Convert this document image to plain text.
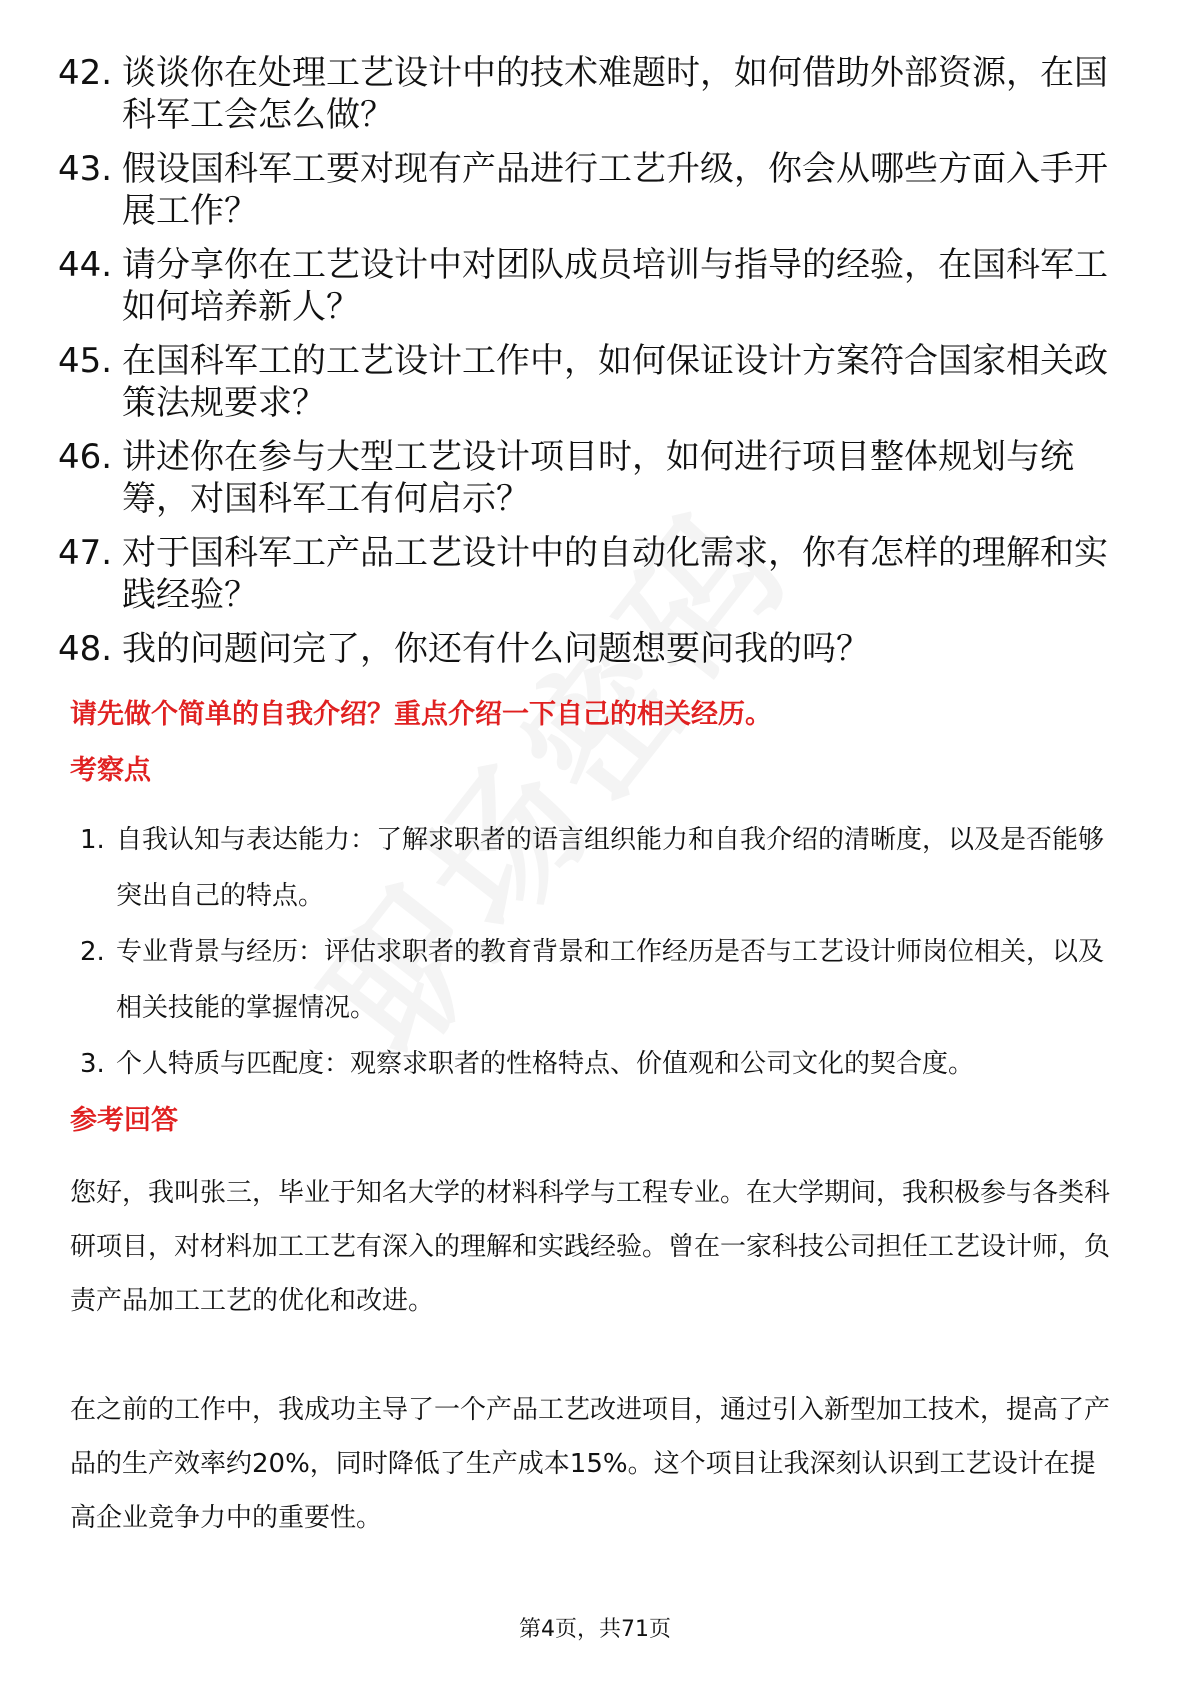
42. 谈谈你在处理工艺设计中的技术难题时，如何借助外部资源，在国科军工会怎么做？
43. 假设国科军工要对现有产品进行工艺升级，你会从哪些方面入手开展工作？
44. 请分享你在工艺设计中对团队成员培训与指导的经验，在国科军工如何培养新人？
45. 在国科军工的工艺设计工作中，如何保证设计方案符合国家相关政策法规要求？
46. 讲述你在参与大型工艺设计项目时，如何进行项目整体规划与统筹，对国科军工有何启示？
47. 对于国科军工产品工艺设计中的自动化需求，你有怎样的理解和实践经验？
48. 我的问题问完了，你还有什么问题想要问我的吗？
请先做个简单的自我介绍？重点介绍一下自己的相关经历。
考察点
1. 自我认知与表达能力：了解求职者的语言组织能力和自我介绍的清晰度，以及是否能够突出自己的特点。
2. 专业背景与经历：评估求职者的教育背景和工作经历是否与工艺设计师岗位相关，以及相关技能的掌握情况。
3. 个人特质与匹配度：观察求职者的性格特点、价值观和公司文化的契合度。
参考回答

您好，我叫张三，毕业于知名大学的材料科学与工程专业。在大学期间，我积极参与各类科研项目，对材料加工工艺有深入的理解和实践经验。曾在一家科技公司担任工艺设计师，负责产品加工工艺的优化和改进。

在之前的工作中，我成功主导了一个产品工艺改进项目，通过引入新型加工技术，提高了产品的生产效率约20%，同时降低了生产成本15%。这个项目让我深刻认识到工艺设计在提高企业竞争力中的重要性。

第4页，共71页
